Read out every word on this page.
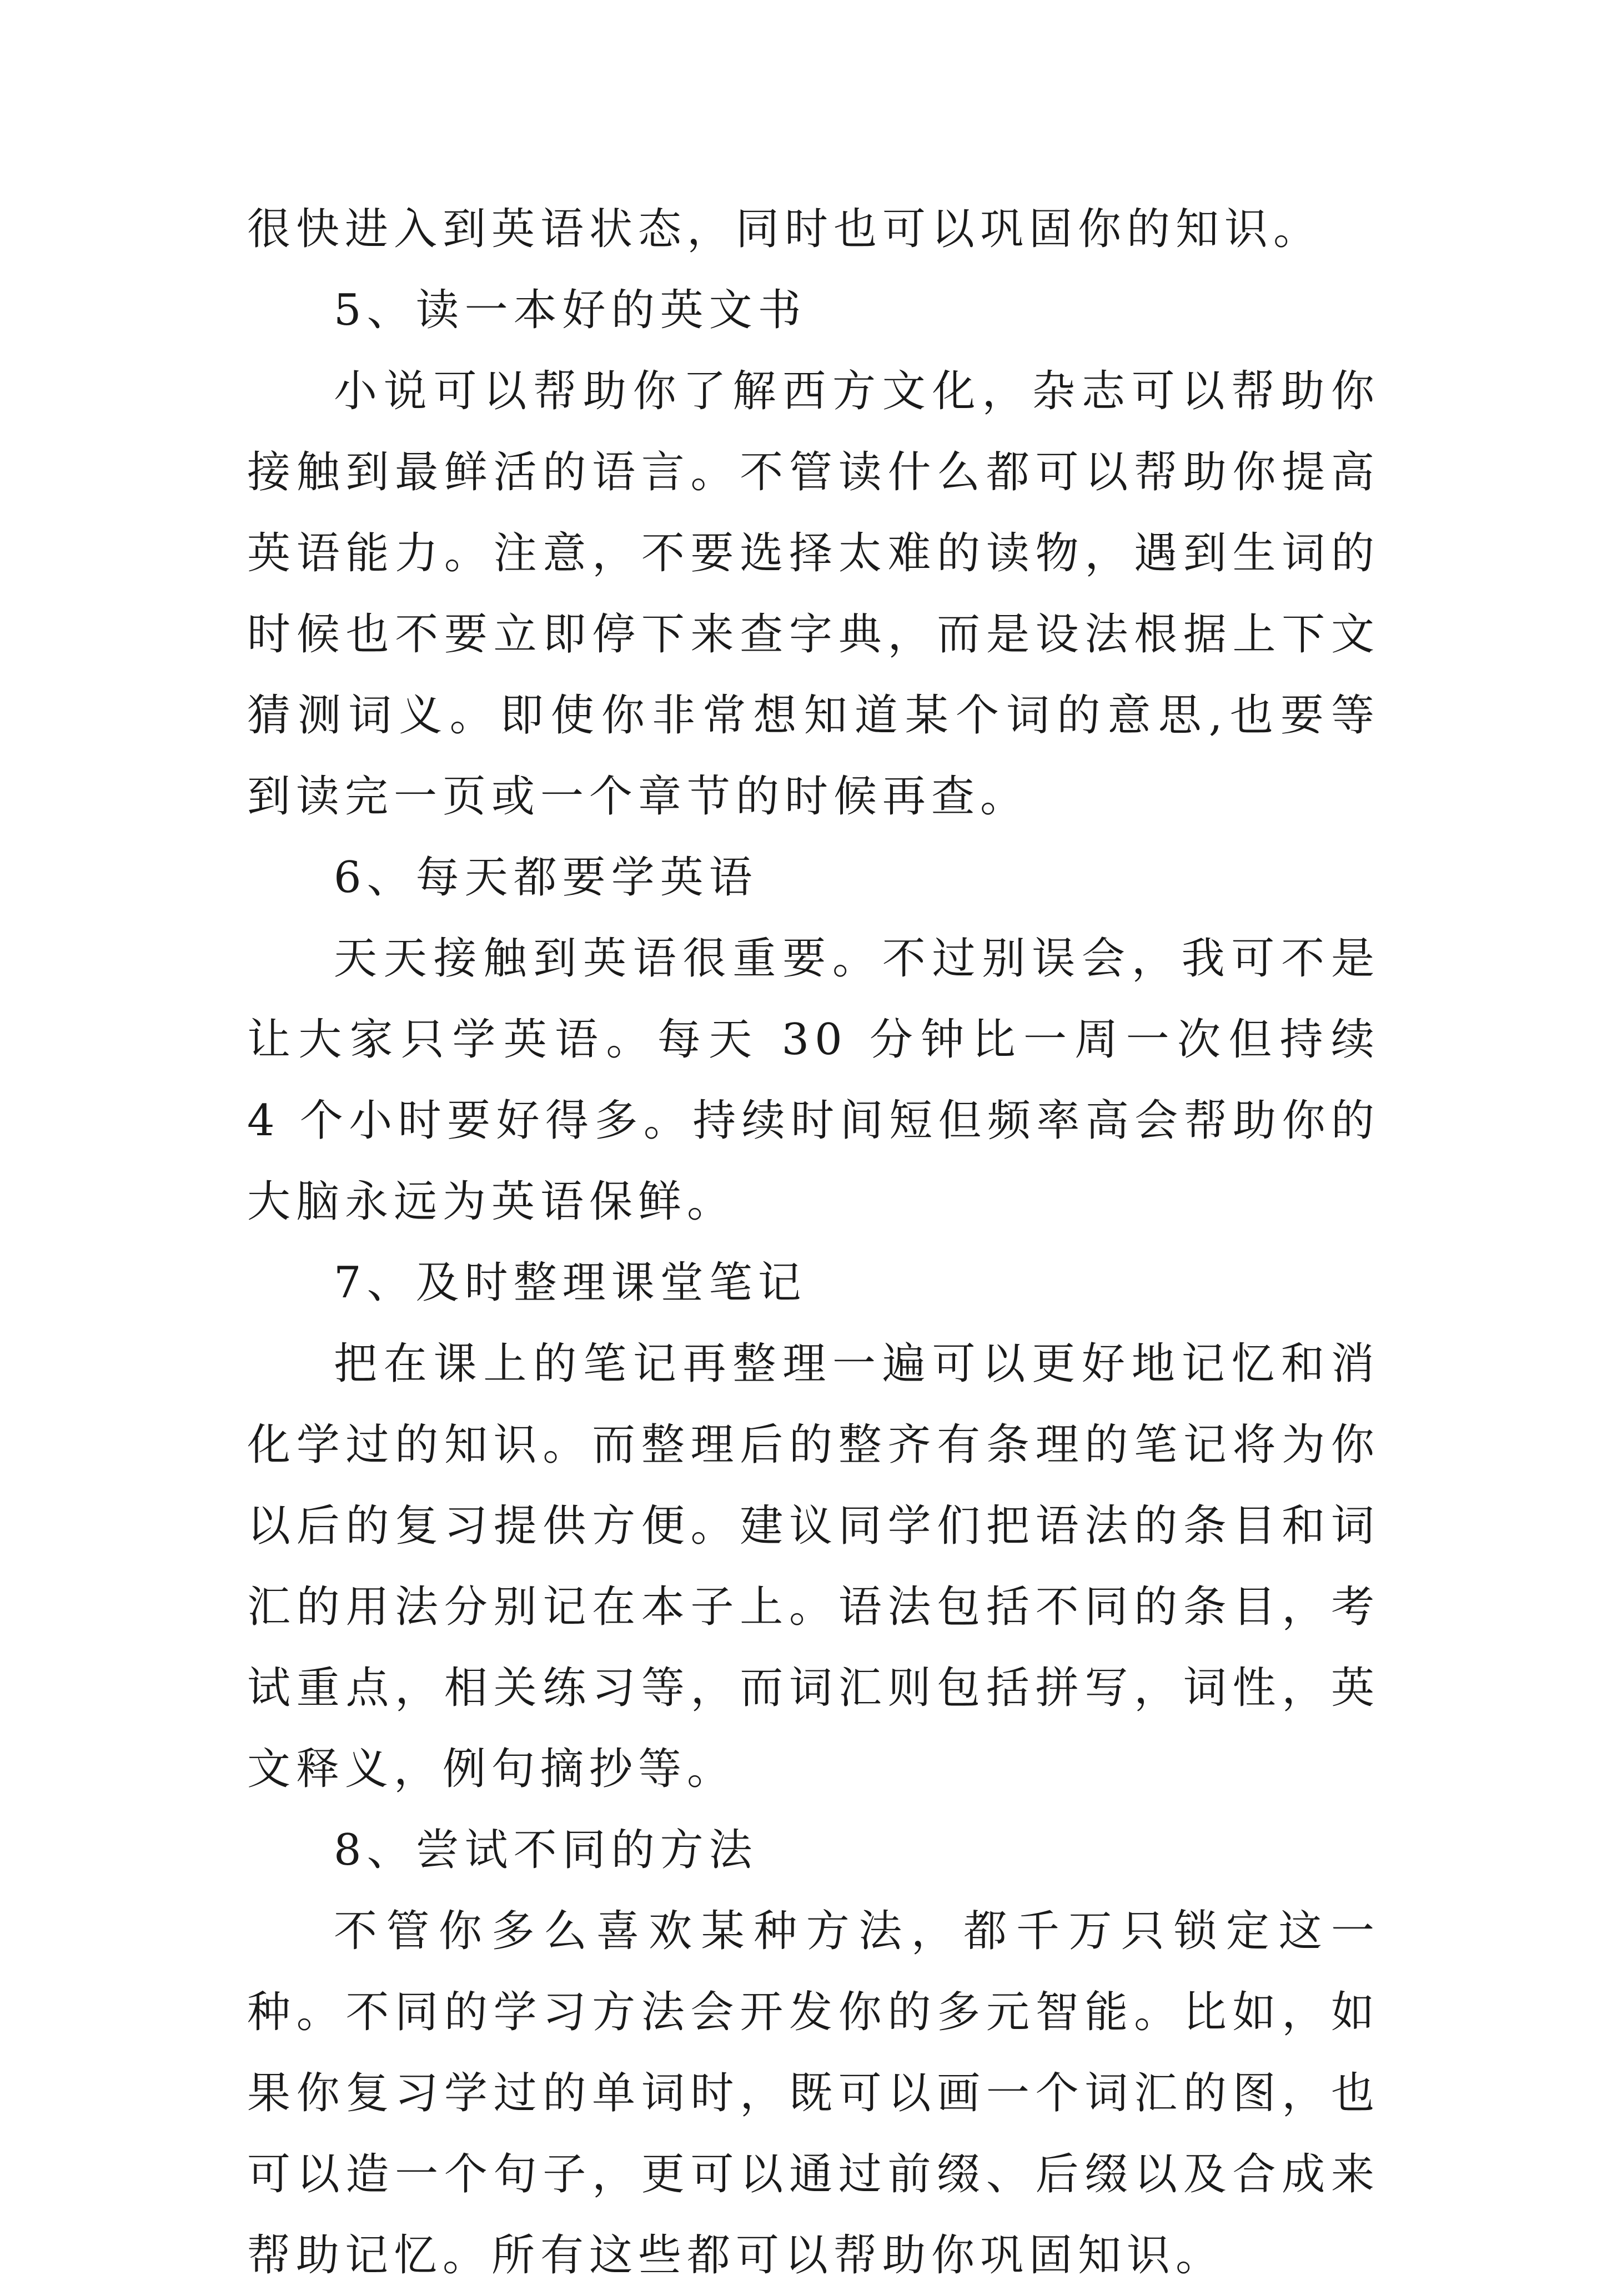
很快进入到英语状态，同时也可以巩固你的知识。

5、读一本好的英文书

小说可以帮助你了解西方文化，杂志可以帮助你接触到最鲜活的语言。不管读什么都可以帮助你提高英语能力。注意，不要选择太难的读物，遇到生词的时候也不要立即停下来查字典，而是设法根据上下文猜测词义。即使你非常想知道某个词的意思,也要等到读完一页或一个章节的时候再查。

6、每天都要学英语

天天接触到英语很重要。不过别误会，我可不是让大家只学英语。每天 30 分钟比一周一次但持续 4 个小时要好得多。持续时间短但频率高会帮助你的大脑永远为英语保鲜。

7、及时整理课堂笔记

把在课上的笔记再整理一遍可以更好地记忆和消化学过的知识。而整理后的整齐有条理的笔记将为你以后的复习提供方便。建议同学们把语法的条目和词汇的用法分别记在本子上。语法包括不同的条目，考试重点，相关练习等，而词汇则包括拼写，词性，英文释义，例句摘抄等。

8、尝试不同的方法

不管你多么喜欢某种方法，都千万只锁定这一种。不同的学习方法会开发你的多元智能。比如，如果你复习学过的单词时，既可以画一个词汇的图，也可以造一个句子，更可以通过前缀、后缀以及合成来帮助记忆。所有这些都可以帮助你巩固知识。
